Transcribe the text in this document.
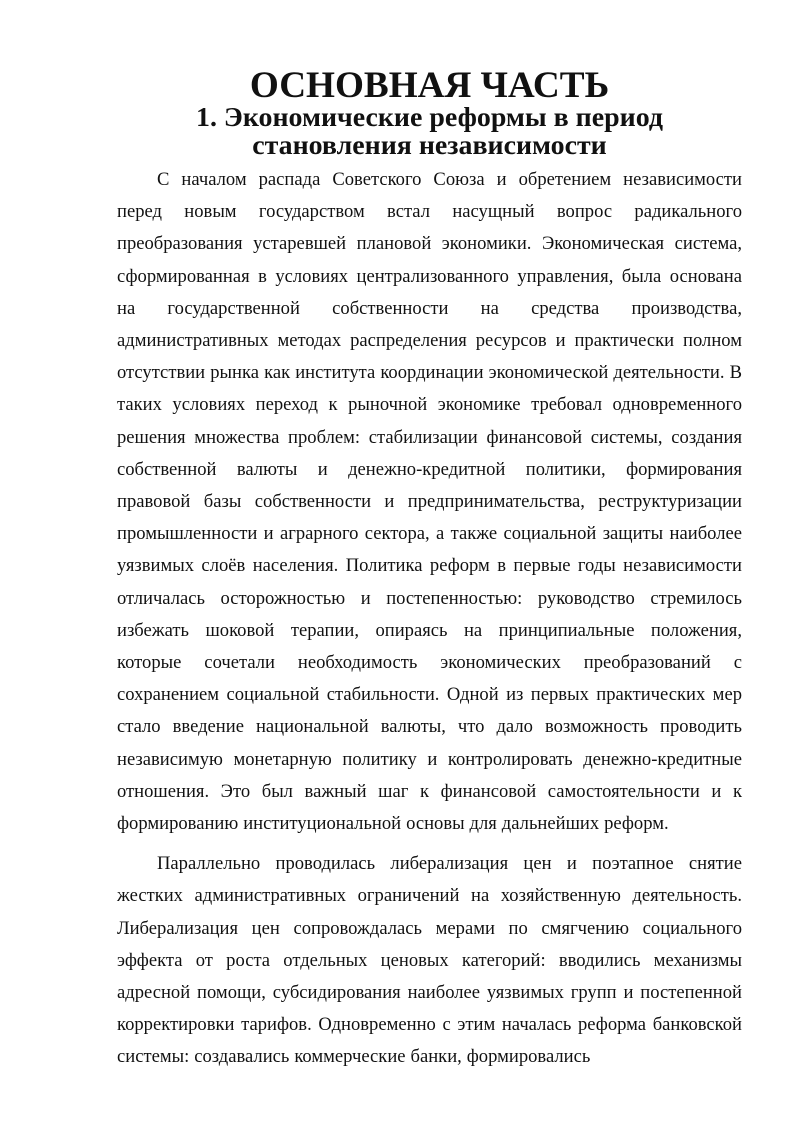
ОСНОВНАЯ ЧАСТЬ
1. Экономические реформы в период становления независимости

С началом распада Советского Союза и обретением независимости перед новым государством встал насущный вопрос радикального преобразования устаревшей плановой экономики. Экономическая система, сформированная в условиях централизованного управления, была основана на государственной собственности на средства производства, административных методах распределения ресурсов и практически полном отсутствии рынка как института координации экономической деятельности. В таких условиях переход к рыночной экономике требовал одновременного решения множества проблем: стабилизации финансовой системы, создания собственной валюты и денежно-кредитной политики, формирования правовой базы собственности и предпринимательства, реструктуризации промышленности и аграрного сектора, а также социальной защиты наиболее уязвимых слоёв населения. Политика реформ в первые годы независимости отличалась осторожностью и постепенностью: руководство стремилось избежать шоковой терапии, опираясь на принципиальные положения, которые сочетали необходимость экономических преобразований с сохранением социальной стабильности. Одной из первых практических мер стало введение национальной валюты, что дало возможность проводить независимую монетарную политику и контролировать денежно-кредитные отношения. Это был важный шаг к финансовой самостоятельности и к формированию институциональной основы для дальнейших реформ.

Параллельно проводилась либерализация цен и поэтапное снятие жестких административных ограничений на хозяйственную деятельность. Либерализация цен сопровождалась мерами по смягчению социального эффекта от роста отдельных ценовых категорий: вводились механизмы адресной помощи, субсидирования наиболее уязвимых групп и постепенной корректировки тарифов. Одновременно с этим началась реформа банковской системы: создавались коммерческие банки, формировались
